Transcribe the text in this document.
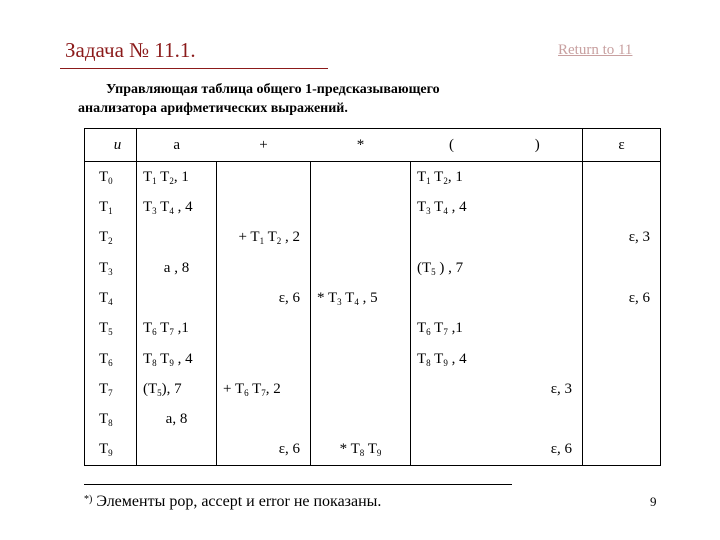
Задача № 11.1.	Return to 11
Управляющая таблица общего 1-предсказывающего
анализатора арифметических выражений.
u	a	+	*	(	)	ε
$T_0$	$T_1$ $T_2$, 1			$T_1$ $T_2$, 1		
$T_1$	$T_3$ $T_4$ , 4			$T_3$ $T_4$ , 4		
$T_2$		+ $T_1$ $T_2$ , 2				ε, 3
$T_3$	a , 8			($T_5$ ) , 7		
$T_4$		ε, 6	* $T_3$ $T_4$ , 5			ε, 6
$T_5$	$T_6$ $T_7$ ,1			$T_6$ $T_7$ ,1		
$T_6$	$T_8$ $T_9$ , 4			$T_8$ $T_9$ , 4		
$T_7$	$(T_5)$, 7	+ $T_6$ $T_7$, 2			ε, 3	
$T_8$	a, 8					
$T_9$		ε, 6	* $T_8$ $T_9$		ε, 6	
*) Элементы pop, accept и error не показаны.	9
